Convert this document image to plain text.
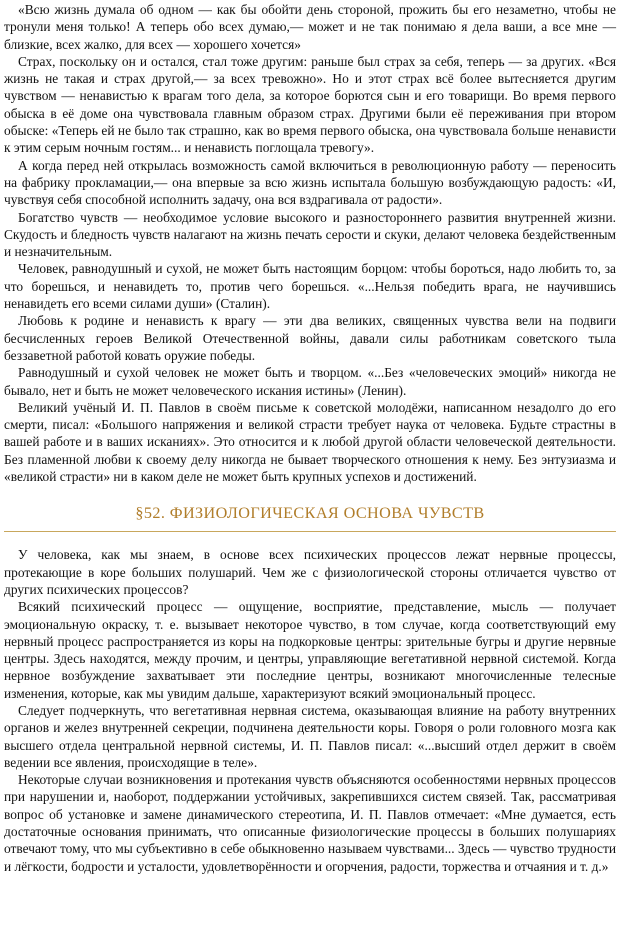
«Всю жизнь думала об одном — как бы обойти день стороной, прожить бы его незаметно, чтобы не тронули меня только! А теперь обо всех думаю,— может и не так понимаю я дела ваши, а все мне — близкие, всех жалко, для всех — хорошего хочется»

Страх, поскольку он и остался, стал тоже другим: раньше был страх за себя, теперь — за других. «Вся жизнь не такая и страх другой,— за всех тревожно». Но и этот страх всё более вытесняется другим чувством — ненавистью к врагам того дела, за которое борются сын и его товарищи. Во время первого обыска в её доме она чувствовала главным образом страх. Другими были её переживания при втором обыске: «Теперь ей не было так страшно, как во время первого обыска, она чувствовала больше ненависти к этим серым ночным гостям... и ненависть поглощала тревогу».

А когда перед ней открылась возможность самой включиться в революционную работу — переносить на фабрику прокламации,— она впервые за всю жизнь испытала большую возбуждающую радость: «И, чувствуя себя способной исполнить задачу, она вся вздрагивала от радости».

Богатство чувств — необходимое условие высокого и разностороннего развития внутренней жизни. Скудость и бледность чувств налагают на жизнь печать серости и скуки, делают человека бездейственным и незначительным.

Человек, равнодушный и сухой, не может быть настоящим борцом: чтобы бороться, надо любить то, за что борешься, и ненавидеть то, против чего борешься. «...Нельзя победить врага, не научившись ненавидеть его всеми силами души» (Сталин).

Любовь к родине и ненависть к врагу — эти два великих, священных чувства вели на подвиги бесчисленных героев Великой Отечественной войны, давали силы работникам советского тыла беззаветной работой ковать оружие победы.

Равнодушный и сухой человек не может быть и творцом. «...Без «человеческих эмоций» никогда не бывало, нет и быть не может человеческого искания истины» (Ленин).

Великий учёный И. П. Павлов в своём письме к советской молодёжи, написанном незадолго до его смерти, писал: «Большого напряжения и великой страсти требует наука от человека. Будьте страстны в вашей работе и в ваших исканиях». Это относится и к любой другой области человеческой деятельности. Без пламенной любви к своему делу никогда не бывает творческого отношения к нему. Без энтузиазма и «великой страсти» ни в каком деле не может быть крупных успехов и достижений.

§52. ФИЗИОЛОГИЧЕСКАЯ ОСНОВА ЧУВСТВ

У человека, как мы знаем, в основе всех психических процессов лежат нервные процессы, протекающие в коре больших полушарий. Чем же с физиологической стороны отличается чувство от других психических процессов?

Всякий психический процесс — ощущение, восприятие, представление, мысль — получает эмоциональную окраску, т. е. вызывает некоторое чувство, в том случае, когда соответствующий ему нервный процесс распространяется из коры на подкорковые центры: зрительные бугры и другие нервные центры. Здесь находятся, между прочим, и центры, управляющие вегетативной нервной системой. Когда нервное возбуждение захватывает эти последние центры, возникают многочисленные телесные изменения, которые, как мы увидим дальше, характеризуют всякий эмоциональный процесс.

Следует подчеркнуть, что вегетативная нервная система, оказывающая влияние на работу внутренних органов и желез внутренней секреции, подчинена деятельности коры. Говоря о роли головного мозга как высшего отдела центральной нервной системы, И. П. Павлов писал: «...высший отдел держит в своём ведении все явления, происходящие в теле».

Некоторые случаи возникновения и протекания чувств объясняются особенностями нервных процессов при нарушении и, наоборот, поддержании устойчивых, закрепившихся систем связей. Так, рассматривая вопрос об установке и замене динамического стереотипа, И. П. Павлов отмечает: «Мне думается, есть достаточные основания принимать, что описанные физиологические процессы в больших полушариях отвечают тому, что мы субъективно в себе обыкновенно называем чувствами... Здесь — чувство трудности и лёгкости, бодрости и усталости, удовлетворённости и огорчения, радости, торжества и отчаяния и т. д.»
